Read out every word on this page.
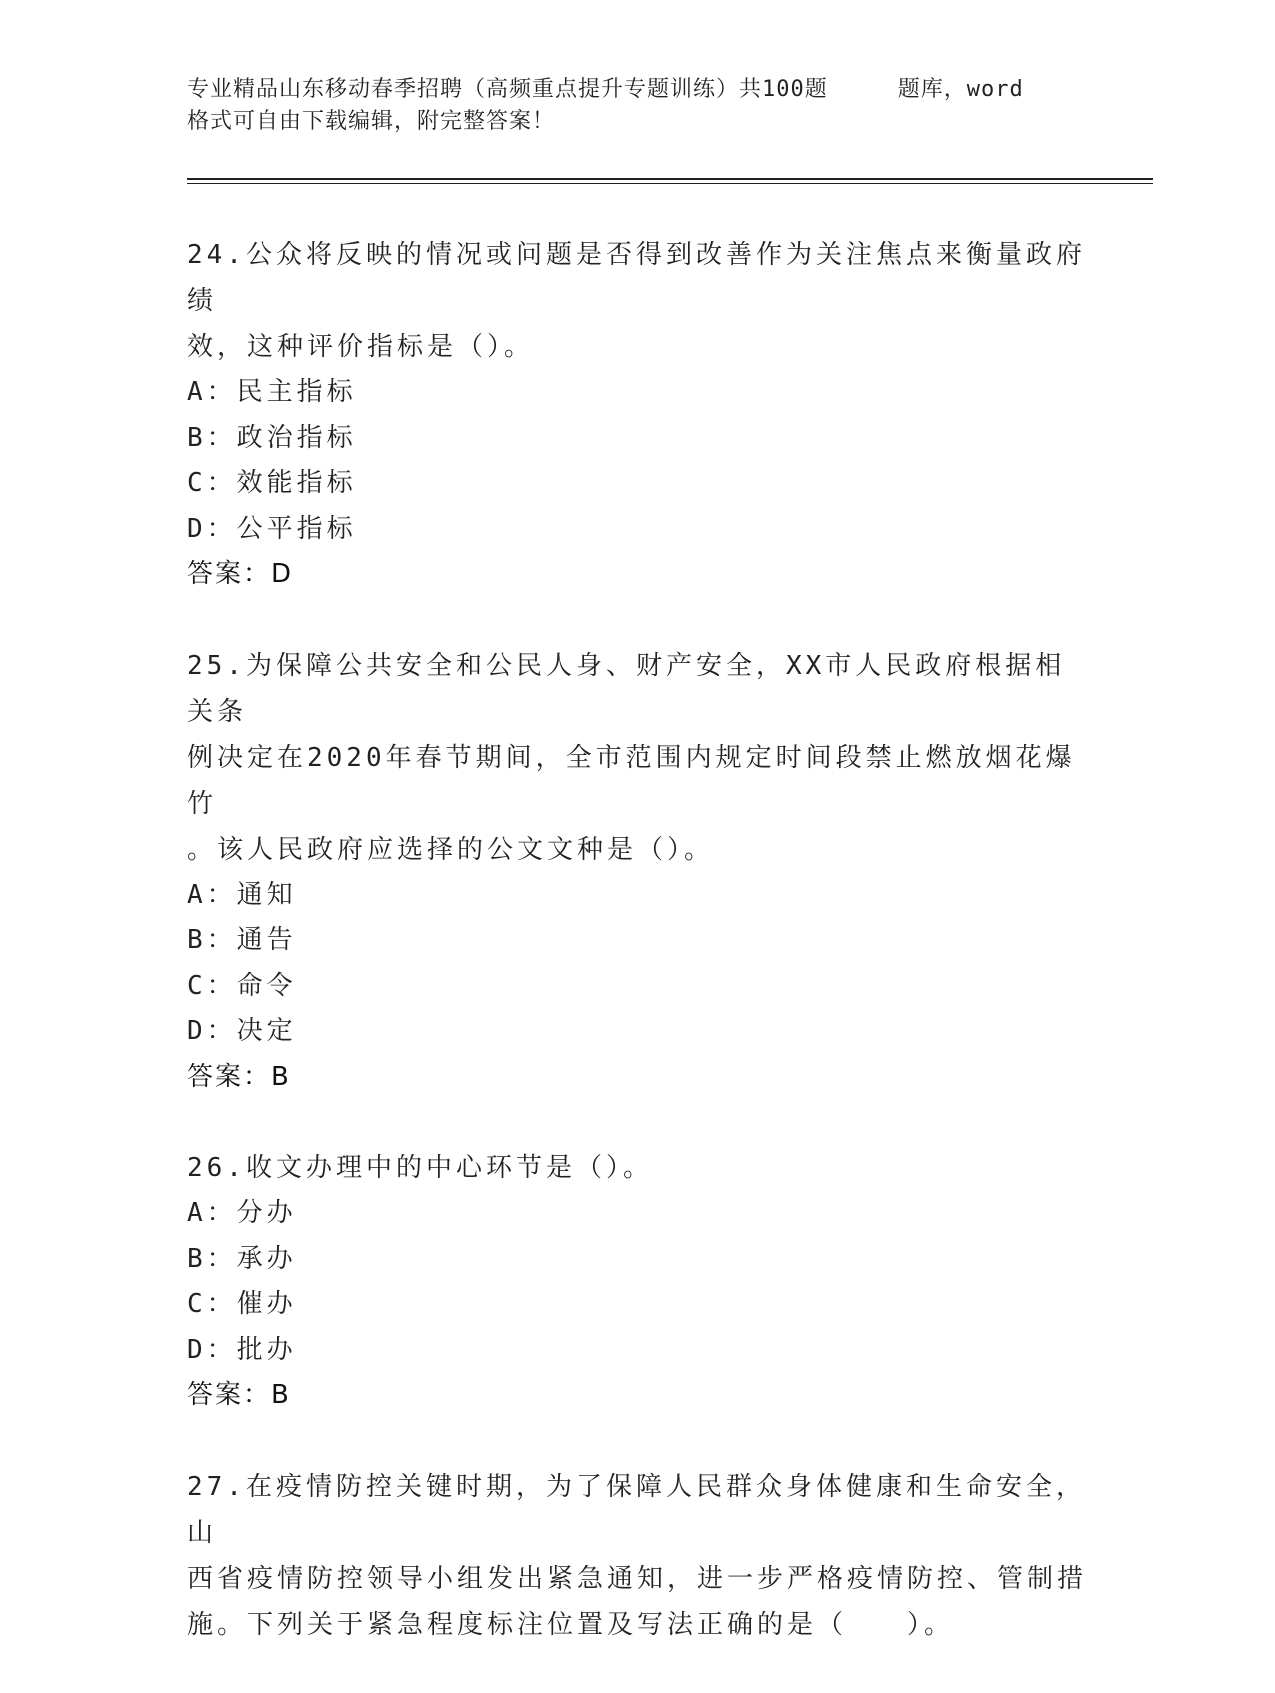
专业精品山东移动春季招聘（高频重点提升专题训练）共100题	题库，word
格式可自由下载编辑，附完整答案！

24.公众将反映的情况或问题是否得到改善作为关注焦点来衡量政府绩

效，这种评价指标是（）。

A：民主指标

B：政治指标

C：效能指标

D：公平指标

答案：D

25.为保障公共安全和公民人身、财产安全，XX市人民政府根据相关条

例决定在2020年春节期间，全市范围内规定时间段禁止燃放烟花爆竹

。该人民政府应选择的公文文种是（）。

A：通知

B：通告

C：命令

D：决定

答案：B

26.收文办理中的中心环节是（）。

A：分办

B：承办

C：催办

D：批办

答案：B

27.在疫情防控关键时期，为了保障人民群众身体健康和生命安全，山

西省疫情防控领导小组发出紧急通知，进一步严格疫情防控、管制措

施。下列关于紧急程度标注位置及写法正确的是（　　）。
